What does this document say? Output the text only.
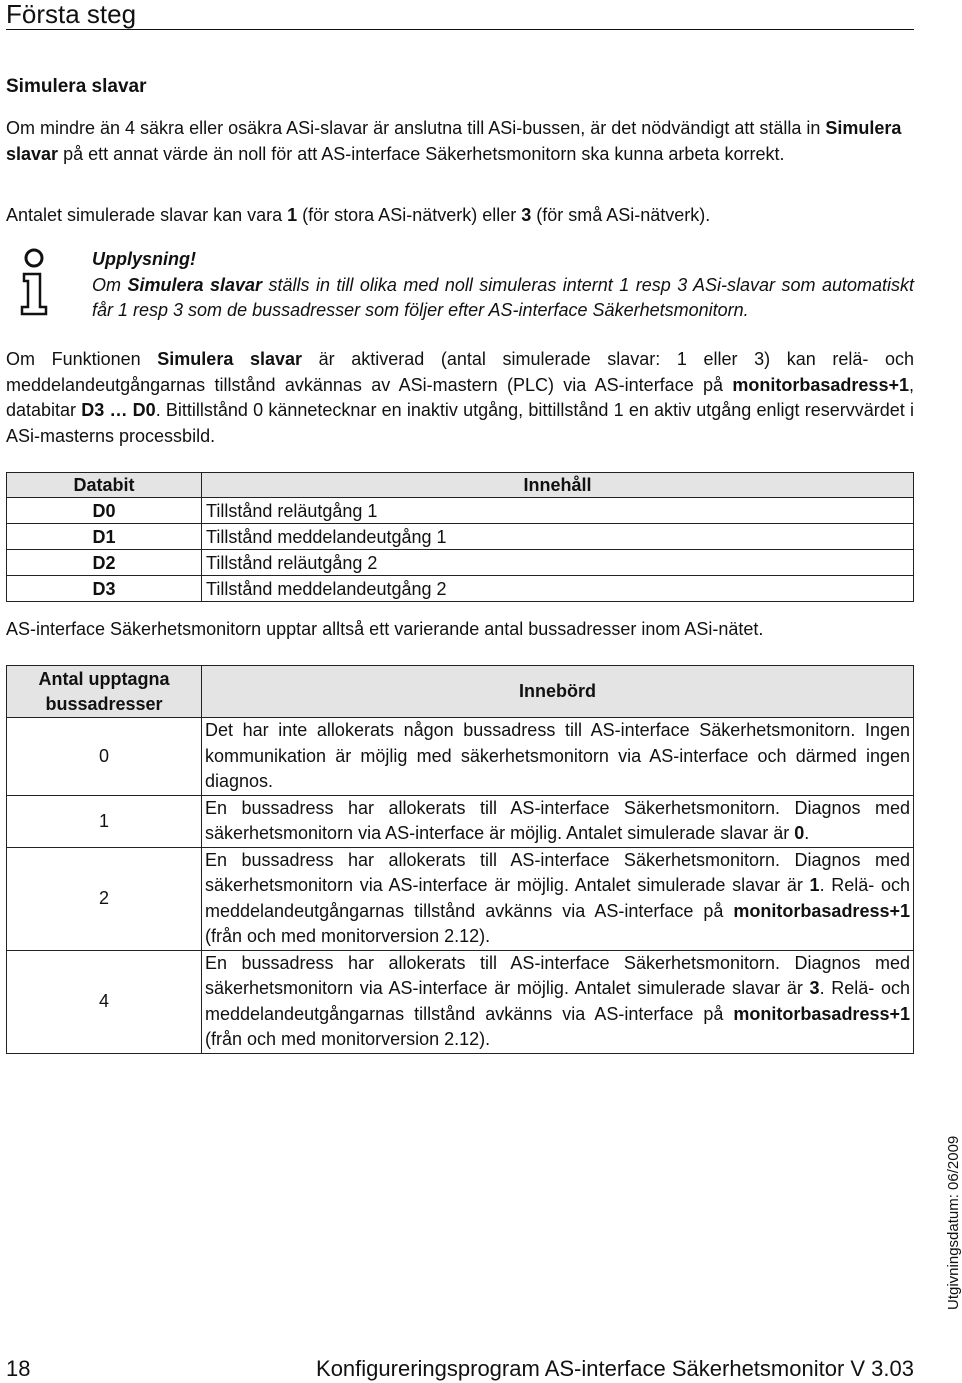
Första steg
Simulera slavar
Om mindre än 4 säkra eller osäkra ASi-slavar är anslutna till ASi-bussen, är det nödvändigt att ställa in Simulera slavar på ett annat värde än noll för att AS-interface Säkerhetsmonitorn ska kunna arbeta korrekt.
Antalet simulerade slavar kan vara 1 (för stora ASi-nätverk) eller 3 (för små ASi-nätverk).
Upplysning!
Om Simulera slavar ställs in till olika med noll simuleras internt 1 resp 3 ASi-slavar som automatiskt får 1 resp 3 som de bussadresser som följer efter AS-interface Säkerhetsmonitorn.
Om Funktionen Simulera slavar är aktiverad (antal simulerade slavar: 1 eller 3) kan relä- och meddelandeutgångarnas tillstånd avkännas av ASi-mastern (PLC) via AS-interface på monitorbasadress+1, databitar D3 … D0. Bittillstånd 0 kännetecknar en inaktiv utgång, bittillstånd 1 en aktiv utgång enligt reservvärdet i ASi-masterns processbild.
Databit	Innehåll
D0	Tillstånd reläutgång 1
D1	Tillstånd meddelandeutgång 1
D2	Tillstånd reläutgång 2
D3	Tillstånd meddelandeutgång 2
AS-interface Säkerhetsmonitorn upptar alltså ett varierande antal bussadresser inom ASi-nätet.
Antal upptagna bussadresser	Innebörd
0	Det har inte allokerats någon bussadress till AS-interface Säkerhetsmonitorn. Ingen kommunikation är möjlig med säkerhetsmonitorn via AS-interface och därmed ingen diagnos.
1	En bussadress har allokerats till AS-interface Säkerhetsmonitorn. Diagnos med säkerhetsmonitorn via AS-interface är möjlig. Antalet simulerade slavar är 0.
2	En bussadress har allokerats till AS-interface Säkerhetsmonitorn. Diagnos med säkerhetsmonitorn via AS-interface är möjlig. Antalet simulerade slavar är 1. Relä- och meddelandeutgångarnas tillstånd avkänns via AS-interface på monitorbasadress+1 (från och med monitorversion 2.12).
4	En bussadress har allokerats till AS-interface Säkerhetsmonitorn. Diagnos med säkerhetsmonitorn via AS-interface är möjlig. Antalet simulerade slavar är 3. Relä- och meddelandeutgångarnas tillstånd avkänns via AS-interface på monitorbasadress+1 (från och med monitorversion 2.12).
Utgivningsdatum: 06/2009
18	Konfigureringsprogram AS-interface Säkerhetsmonitor V 3.03
